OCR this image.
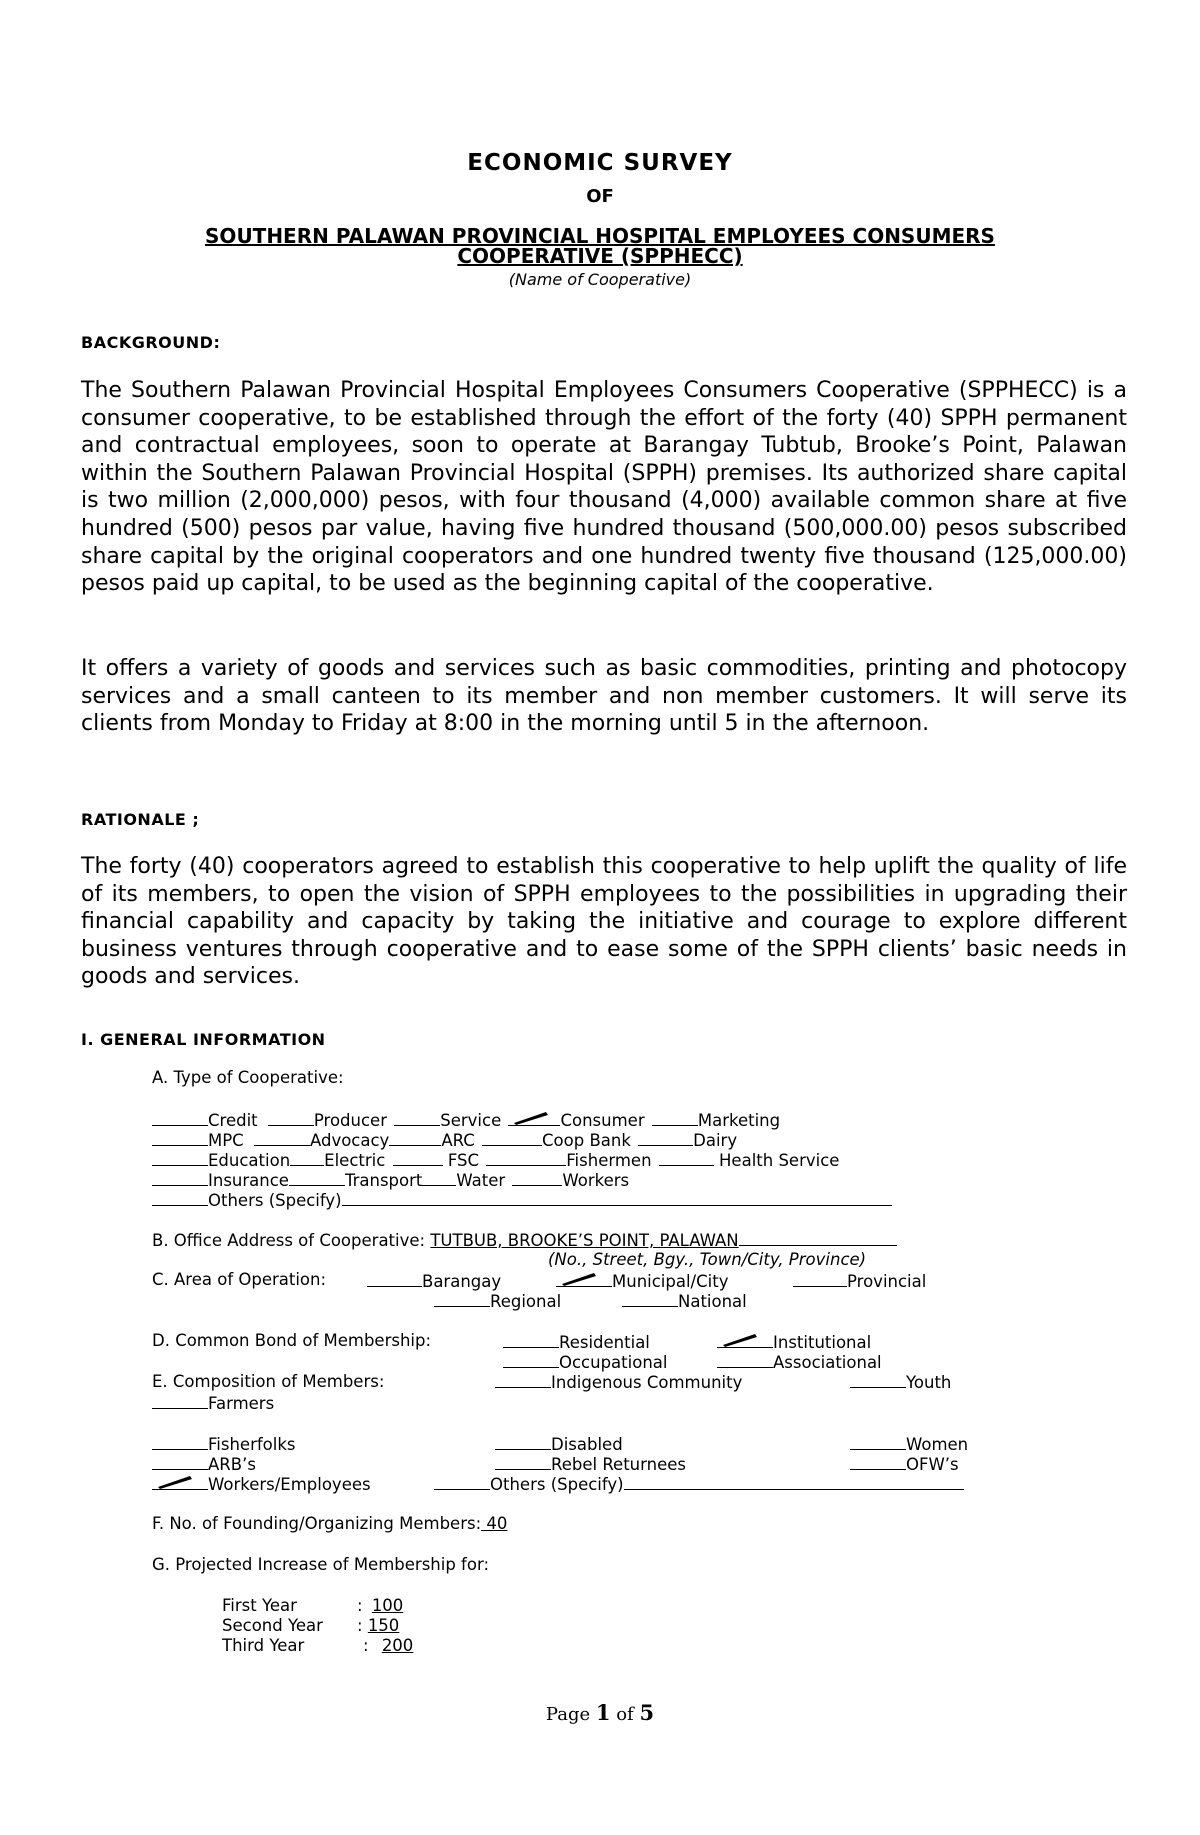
ECONOMIC SURVEY
OF
SOUTHERN PALAWAN PROVINCIAL HOSPITAL EMPLOYEES CONSUMERS
COOPERATIVE (SPPHECC)
(Name of Cooperative)
BACKGROUND:
The Southern Palawan Provincial Hospital Employees Consumers Cooperative (SPPHECC) is a consumer cooperative, to be established through the effort of the forty (40) SPPH permanent and contractual employees, soon to operate at Barangay Tubtub, Brooke’s Point, Palawan within the Southern Palawan Provincial Hospital (SPPH) premises. Its authorized share capital is two million (2,000,000) pesos, with four thousand (4,000) available common share at five hundred (500) pesos par value, having five hundred thousand (500,000.00) pesos subscribed share capital by the original cooperators and one hundred twenty five thousand (125,000.00) pesos paid up capital, to be used as the beginning capital of the cooperative.
It offers a variety of goods and services such as basic commodities, printing and photocopy services and a small canteen to its member and non member customers. It will serve its clients from Monday to Friday at 8:00 in the morning until 5 in the afternoon.
RATIONALE ;
The forty (40) cooperators agreed to establish this cooperative to help uplift the quality of life of its members, to open the vision of SPPH employees to the possibilities in upgrading their financial capability and capacity by taking the initiative and courage to explore different business ventures through cooperative and to ease some of the SPPH clients’ basic needs in goods and services.
I. GENERAL INFORMATION
A. Type of Cooperative:
Credit	Producer	Service	Consumer	Marketing
MPC	Advocacy	ARC	Coop Bank	Dairy
Education Electric	FSC	Fishermen	Health Service
Insurance	Transport Water	Workers
Others (Specify)
B. Office Address of Cooperative: TUTBUB, BROOKE’S POINT, PALAWAN
(No., Street, Bgy., Town/City, Province)
C. Area of Operation:	Barangay	Municipal/City	Provincial
Regional	National
D. Common Bond of Membership:	Residential	Institutional
Occupational	Associational
E. Composition of Members:	Indigenous Community	Youth
Farmers
Fisherfolks	Disabled	Women
ARB’s	Rebel Returnees	OFW’s
Workers/Employees	Others (Specify)
F. No. of Founding/Organizing Members: 40
G. Projected Increase of Membership for:
First Year	: 100
Second Year : 150
Third Year	: 200
Page 1 of 5
